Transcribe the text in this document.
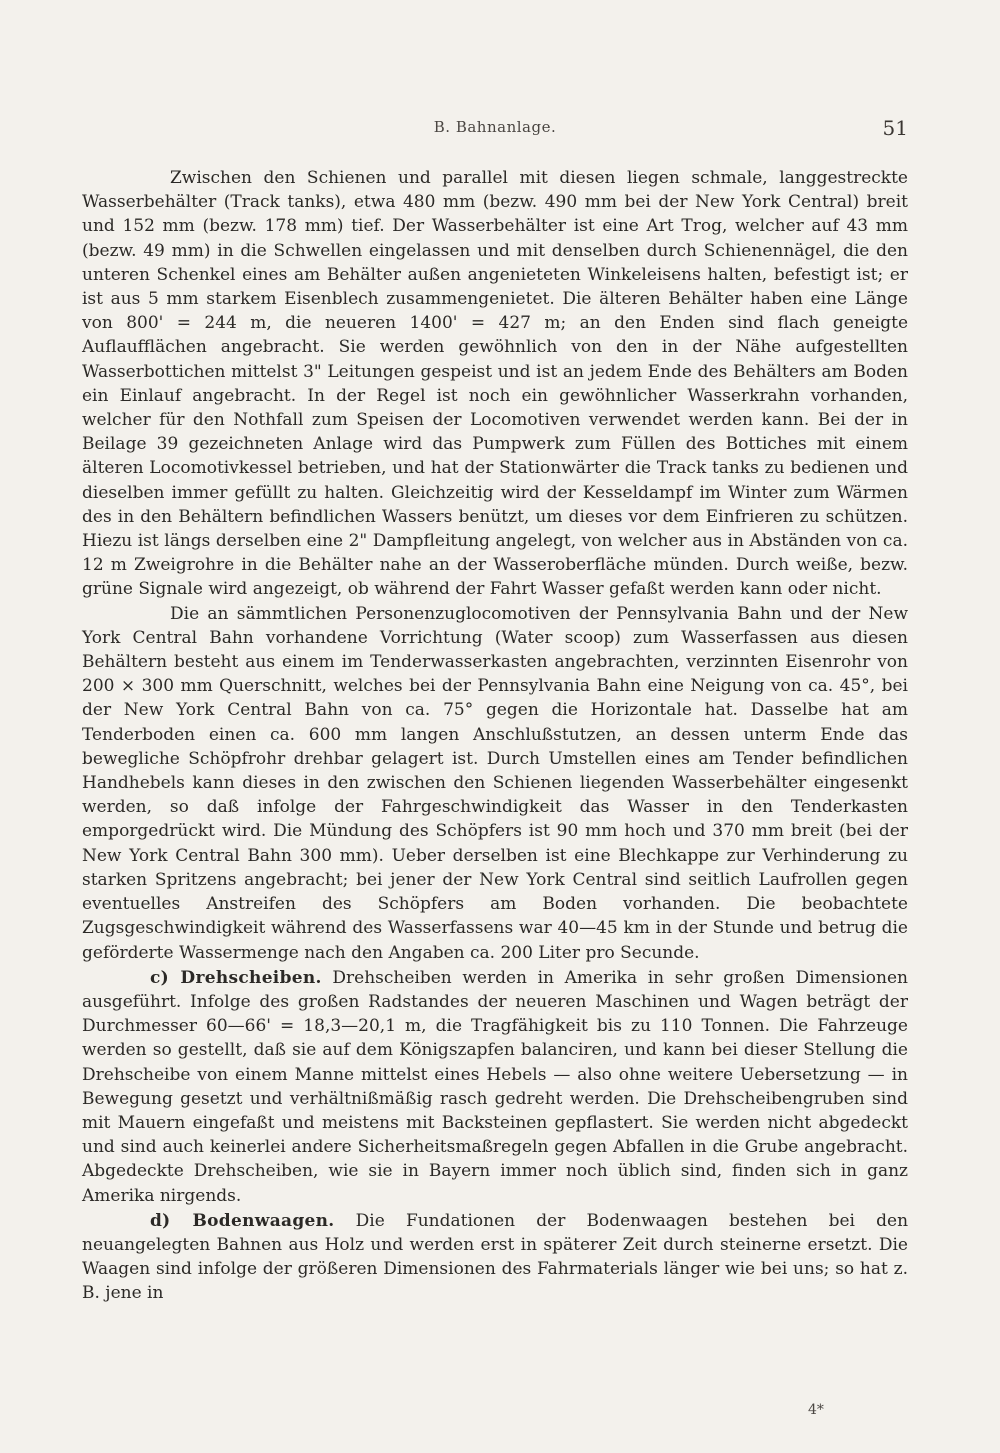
B. Bahnanlage.	51

Zwischen den Schienen und parallel mit diesen liegen schmale, langgestreckte Wasserbehälter (Track tanks), etwa 480 mm (bezw. 490 mm bei der New York Central) breit und 152 mm (bezw. 178 mm) tief. Der Wasserbehälter ist eine Art Trog, welcher auf 43 mm (bezw. 49 mm) in die Schwellen eingelassen und mit denselben durch Schienennägel, die den unteren Schenkel eines am Behälter außen angenieteten Winkeleisens halten, befestigt ist; er ist aus 5 mm starkem Eisenblech zusammengenietet. Die älteren Behälter haben eine Länge von 800' = 244 m, die neueren 1400' = 427 m; an den Enden sind flach geneigte Auflaufflächen angebracht. Sie werden gewöhnlich von den in der Nähe aufgestellten Wasserbottichen mittelst 3" Leitungen gespeist und ist an jedem Ende des Behälters am Boden ein Einlauf angebracht. In der Regel ist noch ein gewöhnlicher Wasserkrahn vorhanden, welcher für den Nothfall zum Speisen der Locomotiven verwendet werden kann. Bei der in Beilage 39 gezeichneten Anlage wird das Pumpwerk zum Füllen des Bottiches mit einem älteren Locomotivkessel betrieben, und hat der Stationwärter die Track tanks zu bedienen und dieselben immer gefüllt zu halten. Gleichzeitig wird der Kesseldampf im Winter zum Wärmen des in den Behältern befindlichen Wassers benützt, um dieses vor dem Einfrieren zu schützen. Hiezu ist längs derselben eine 2" Dampfleitung angelegt, von welcher aus in Abständen von ca. 12 m Zweigrohre in die Behälter nahe an der Wasseroberfläche münden. Durch weiße, bezw. grüne Signale wird angezeigt, ob während der Fahrt Wasser gefaßt werden kann oder nicht.

Die an sämmtlichen Personenzuglocomotiven der Pennsylvania Bahn und der New York Central Bahn vorhandene Vorrichtung (Water scoop) zum Wasserfassen aus diesen Behältern besteht aus einem im Tenderwasserkasten angebrachten, verzinnten Eisenrohr von 200 × 300 mm Querschnitt, welches bei der Pennsylvania Bahn eine Neigung von ca. 45°, bei der New York Central Bahn von ca. 75° gegen die Horizontale hat. Dasselbe hat am Tenderboden einen ca. 600 mm langen Anschlußstutzen, an dessen unterm Ende das bewegliche Schöpfrohr drehbar gelagert ist. Durch Umstellen eines am Tender befindlichen Handhebels kann dieses in den zwischen den Schienen liegenden Wasserbehälter eingesenkt werden, so daß infolge der Fahrgeschwindigkeit das Wasser in den Tenderkasten emporgedrückt wird. Die Mündung des Schöpfers ist 90 mm hoch und 370 mm breit (bei der New York Central Bahn 300 mm). Ueber derselben ist eine Blechkappe zur Verhinderung zu starken Spritzens angebracht; bei jener der New York Central sind seitlich Laufrollen gegen eventuelles Anstreifen des Schöpfers am Boden vorhanden. Die beobachtete Zugsgeschwindigkeit während des Wasserfassens war 40—45 km in der Stunde und betrug die geförderte Wassermenge nach den Angaben ca. 200 Liter pro Secunde.

c) Drehscheiben. Drehscheiben werden in Amerika in sehr großen Dimensionen ausgeführt. Infolge des großen Radstandes der neueren Maschinen und Wagen beträgt der Durchmesser 60—66' = 18,3—20,1 m, die Tragfähigkeit bis zu 110 Tonnen. Die Fahrzeuge werden so gestellt, daß sie auf dem Königszapfen balanciren, und kann bei dieser Stellung die Drehscheibe von einem Manne mittelst eines Hebels — also ohne weitere Uebersetzung — in Bewegung gesetzt und verhältnißmäßig rasch gedreht werden. Die Drehscheibengruben sind mit Mauern eingefaßt und meistens mit Backsteinen gepflastert. Sie werden nicht abgedeckt und sind auch keinerlei andere Sicherheitsmaßregeln gegen Abfallen in die Grube angebracht. Abgedeckte Drehscheiben, wie sie in Bayern immer noch üblich sind, finden sich in ganz Amerika nirgends.

d) Bodenwaagen. Die Fundationen der Bodenwaagen bestehen bei den neuangelegten Bahnen aus Holz und werden erst in späterer Zeit durch steinerne ersetzt. Die Waagen sind infolge der größeren Dimensionen des Fahrmaterials länger wie bei uns; so hat z. B. jene in

4*
